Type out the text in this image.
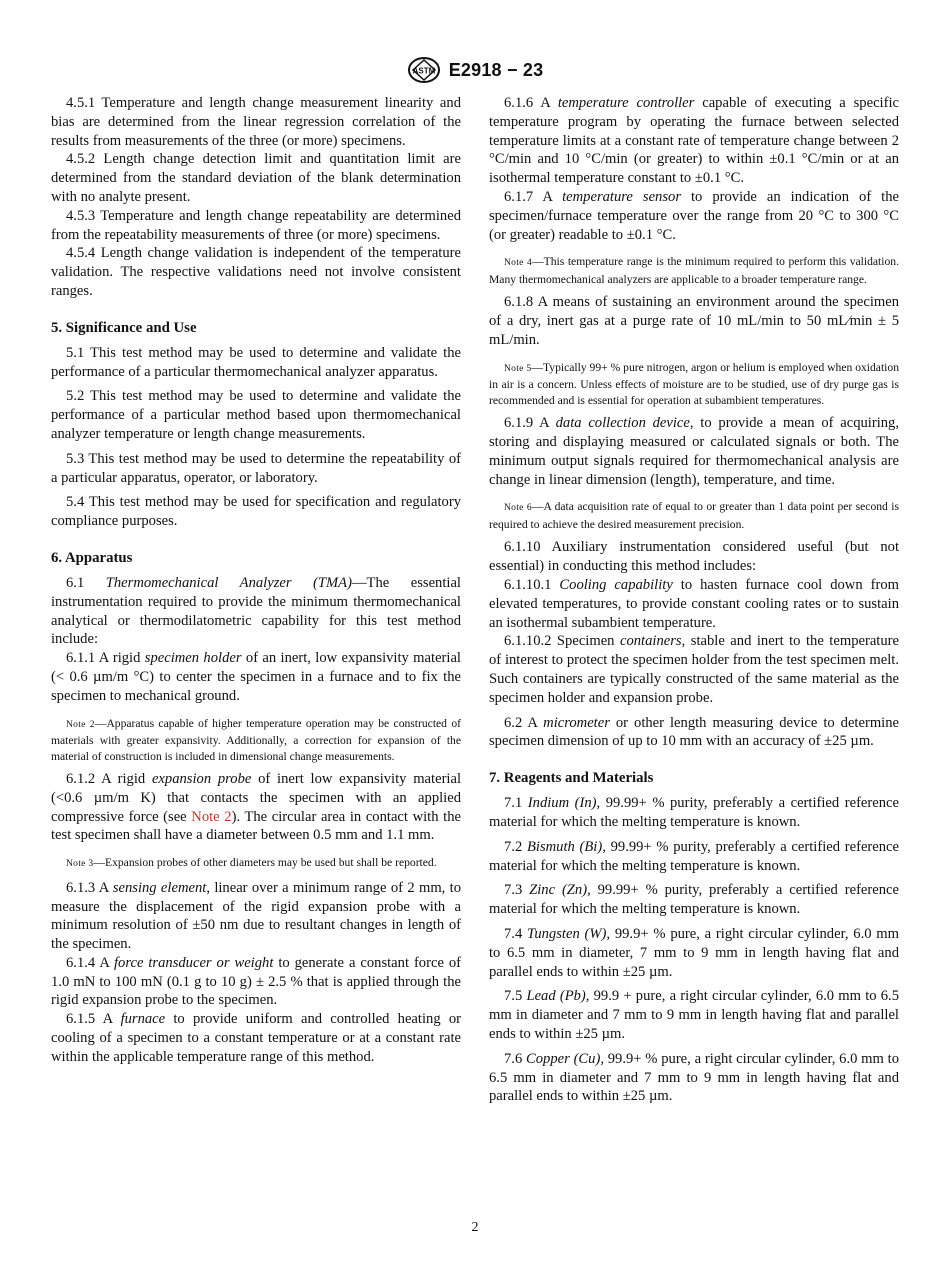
ASTM E2918 − 23

4.5.1 Temperature and length change measurement linearity and bias are determined from the linear regression correlation of the results from measurements of the three (or more) specimens.

4.5.2 Length change detection limit and quantitation limit are determined from the standard deviation of the blank determination with no analyte present.

4.5.3 Temperature and length change repeatability are determined from the repeatability measurements of three (or more) specimens.

4.5.4 Length change validation is independent of the temperature validation. The respective validations need not involve consistent ranges.

5. Significance and Use

5.1 This test method may be used to determine and validate the performance of a particular thermomechanical analyzer apparatus.

5.2 This test method may be used to determine and validate the performance of a particular method based upon thermomechanical analyzer temperature or length change measurements.

5.3 This test method may be used to determine the repeatability of a particular apparatus, operator, or laboratory.

5.4 This test method may be used for specification and regulatory compliance purposes.

6. Apparatus

6.1 Thermomechanical Analyzer (TMA)—The essential instrumentation required to provide the minimum thermomechanical analytical or thermodilatometric capability for this test method include:

6.1.1 A rigid specimen holder of an inert, low expansivity material (< 0.6 µm/m °C) to center the specimen in a furnace and to fix the specimen to mechanical ground.

Note 2—Apparatus capable of higher temperature operation may be constructed of materials with greater expansivity. Additionally, a correction for expansion of the material of construction is included in dimensional change measurements.

6.1.2 A rigid expansion probe of inert low expansivity material (<0.6 µm/m K) that contacts the specimen with an applied compressive force (see Note 2). The circular area in contact with the test specimen shall have a diameter between 0.5 mm and 1.1 mm.

Note 3—Expansion probes of other diameters may be used but shall be reported.

6.1.3 A sensing element, linear over a minimum range of 2 mm, to measure the displacement of the rigid expansion probe with a minimum resolution of ±50 nm due to resultant changes in length of the specimen.

6.1.4 A force transducer or weight to generate a constant force of 1.0 mN to 100 mN (0.1 g to 10 g) ± 2.5 % that is applied through the rigid expansion probe to the specimen.

6.1.5 A furnace to provide uniform and controlled heating or cooling of a specimen to a constant temperature or at a constant rate within the applicable temperature range of this method.

6.1.6 A temperature controller capable of executing a specific temperature program by operating the furnace between selected temperature limits at a constant rate of temperature change between 2 °C/min and 10 °C/min (or greater) to within ±0.1 °C/min or at an isothermal temperature constant to ±0.1 °C.

6.1.7 A temperature sensor to provide an indication of the specimen/furnace temperature over the range from 20 °C to 300 °C (or greater) readable to ±0.1 °C.

Note 4—This temperature range is the minimum required to perform this validation. Many thermomechanical analyzers are applicable to a broader temperature range.

6.1.8 A means of sustaining an environment around the specimen of a dry, inert gas at a purge rate of 10 mL/min to 50 mL⁄min ± 5 mL/min.

Note 5—Typically 99+ % pure nitrogen, argon or helium is employed when oxidation in air is a concern. Unless effects of moisture are to be studied, use of dry purge gas is recommended and is essential for operation at subambient temperatures.

6.1.9 A data collection device, to provide a mean of acquiring, storing and displaying measured or calculated signals or both. The minimum output signals required for thermomechanical analysis are change in linear dimension (length), temperature, and time.

Note 6—A data acquisition rate of equal to or greater than 1 data point per second is required to achieve the desired measurement precision.

6.1.10 Auxiliary instrumentation considered useful (but not essential) in conducting this method includes:

6.1.10.1 Cooling capability to hasten furnace cool down from elevated temperatures, to provide constant cooling rates or to sustain an isothermal subambient temperature.

6.1.10.2 Specimen containers, stable and inert to the temperature of interest to protect the specimen holder from the test specimen melt. Such containers are typically constructed of the same material as the specimen holder and expansion probe.

6.2 A micrometer or other length measuring device to determine specimen dimension of up to 10 mm with an accuracy of ±25 µm.

7. Reagents and Materials

7.1 Indium (In), 99.99+ % purity, preferably a certified reference material for which the melting temperature is known.

7.2 Bismuth (Bi), 99.99+ % purity, preferably a certified reference material for which the melting temperature is known.

7.3 Zinc (Zn), 99.99+ % purity, preferably a certified reference material for which the melting temperature is known.

7.4 Tungsten (W), 99.9+ % pure, a right circular cylinder, 6.0 mm to 6.5 mm in diameter, 7 mm to 9 mm in length having flat and parallel ends to within ±25 µm.

7.5 Lead (Pb), 99.9 + pure, a right circular cylinder, 6.0 mm to 6.5 mm in diameter and 7 mm to 9 mm in length having flat and parallel ends to within ±25 µm.

7.6 Copper (Cu), 99.9+ % pure, a right circular cylinder, 6.0 mm to 6.5 mm in diameter and 7 mm to 9 mm in length having flat and parallel ends to within ±25 µm.

2
